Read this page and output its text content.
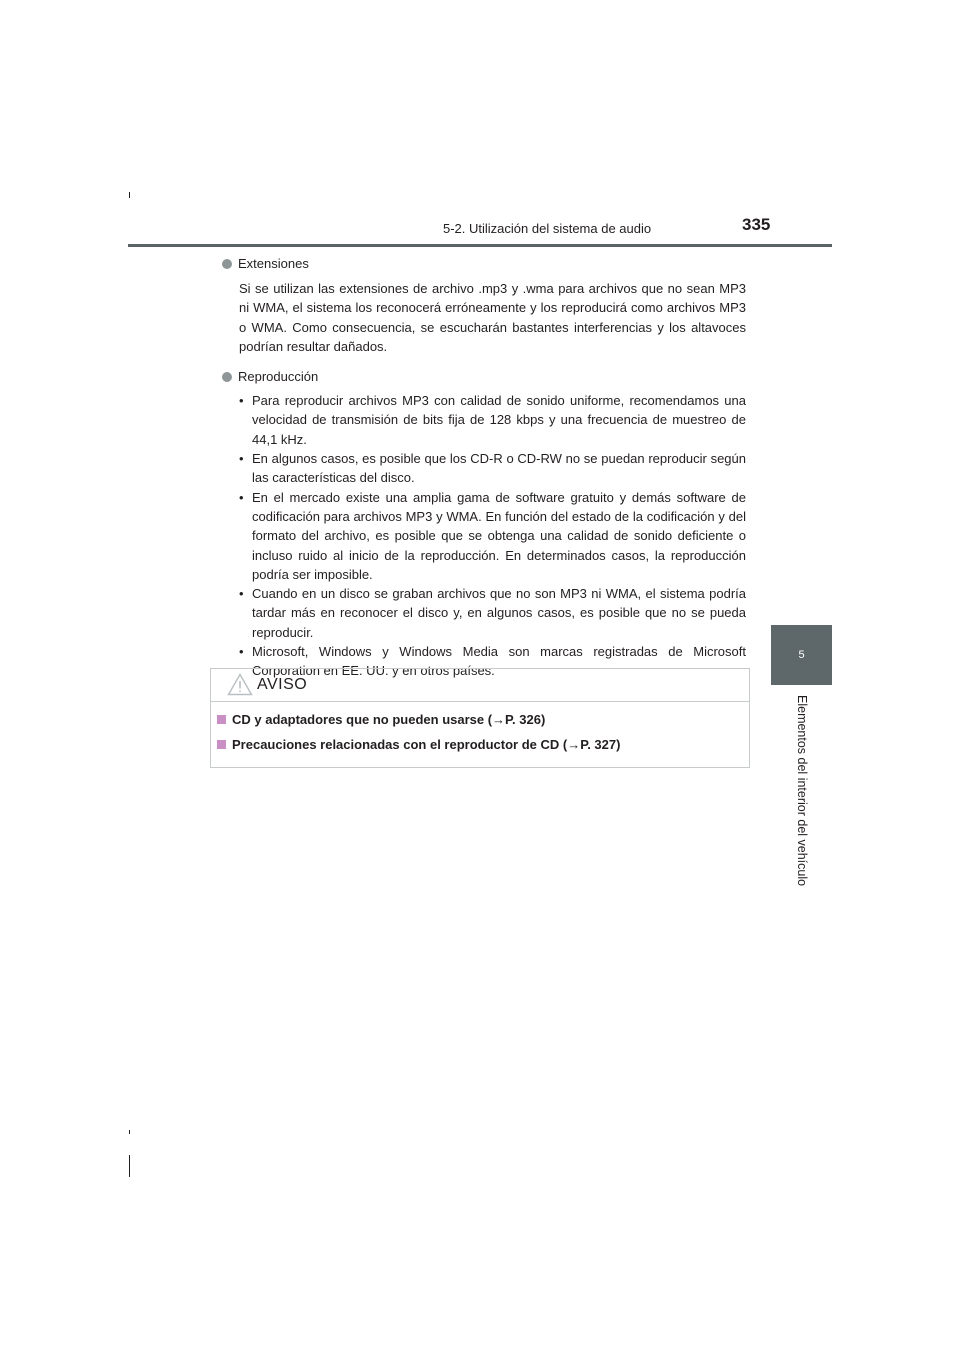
5-2. Utilización del sistema de audio	335
5
Elementos del interior del vehículo

Extensiones

Si se utilizan las extensiones de archivo .mp3 y .wma para archivos que no sean MP3 ni WMA, el sistema los reconocerá erróneamente y los reproducirá como archivos MP3 o WMA. Como consecuencia, se escucharán bastantes interferencias y los altavoces podrían resultar dañados.

Reproducción

• Para reproducir archivos MP3 con calidad de sonido uniforme, recomendamos una velocidad de transmisión de bits fija de 128 kbps y una frecuencia de muestreo de 44,1 kHz.
• En algunos casos, es posible que los CD-R o CD-RW no se puedan reproducir según las características del disco.
• En el mercado existe una amplia gama de software gratuito y demás software de codificación para archivos MP3 y WMA. En función del estado de la codificación y del formato del archivo, es posible que se obtenga una calidad de sonido deficiente o incluso ruido al inicio de la reproducción. En determinados casos, la reproducción podría ser imposible.
• Cuando en un disco se graban archivos que no son MP3 ni WMA, el sistema podría tardar más en reconocer el disco y, en algunos casos, es posible que no se pueda reproducir.
• Microsoft, Windows y Windows Media son marcas registradas de Microsoft Corporation en EE. UU. y en otros países.
AVISO
CD y adaptadores que no pueden usarse (→P. 326)
Precauciones relacionadas con el reproductor de CD (→P. 327)
